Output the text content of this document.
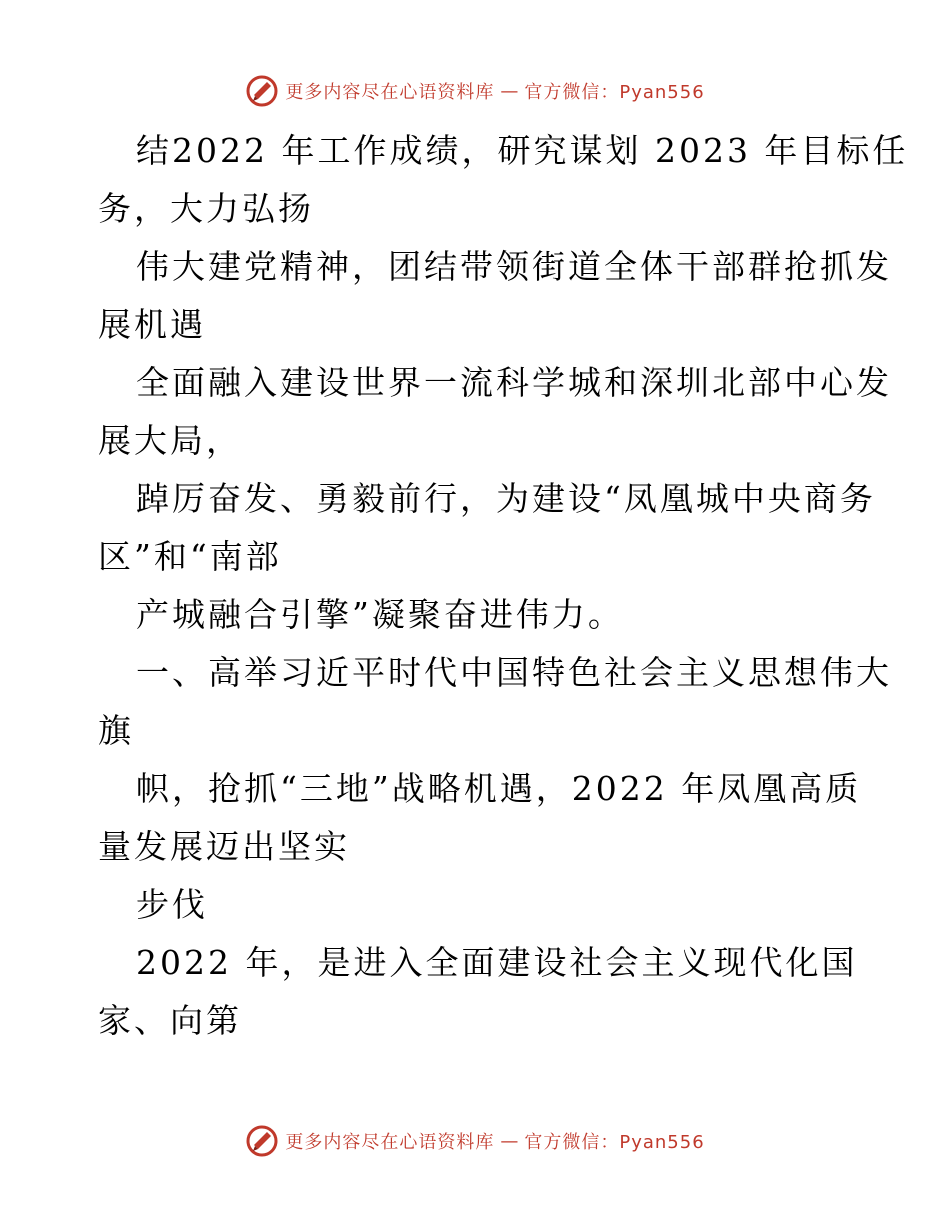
更多内容尽在心语资料库 — 官方微信：Pyan556
结2022 年工作成绩，研究谋划 2023 年目标任
务，大力弘扬
伟大建党精神，团结带领街道全体干部群抢抓发
展机遇
全面融入建设世界一流科学城和深圳北部中心发
展大局，
踔厉奋发、勇毅前行，为建设“凤凰城中央商务
区”和“南部
产城融合引擎”凝聚奋进伟力。
一、高举习近平时代中国特色社会主义思想伟大
旗
帜，抢抓“三地”战略机遇，2022 年凤凰高质
量发展迈出坚实
步伐
2022 年，是进入全面建设社会主义现代化国
家、向第
更多内容尽在心语资料库 — 官方微信：Pyan556
